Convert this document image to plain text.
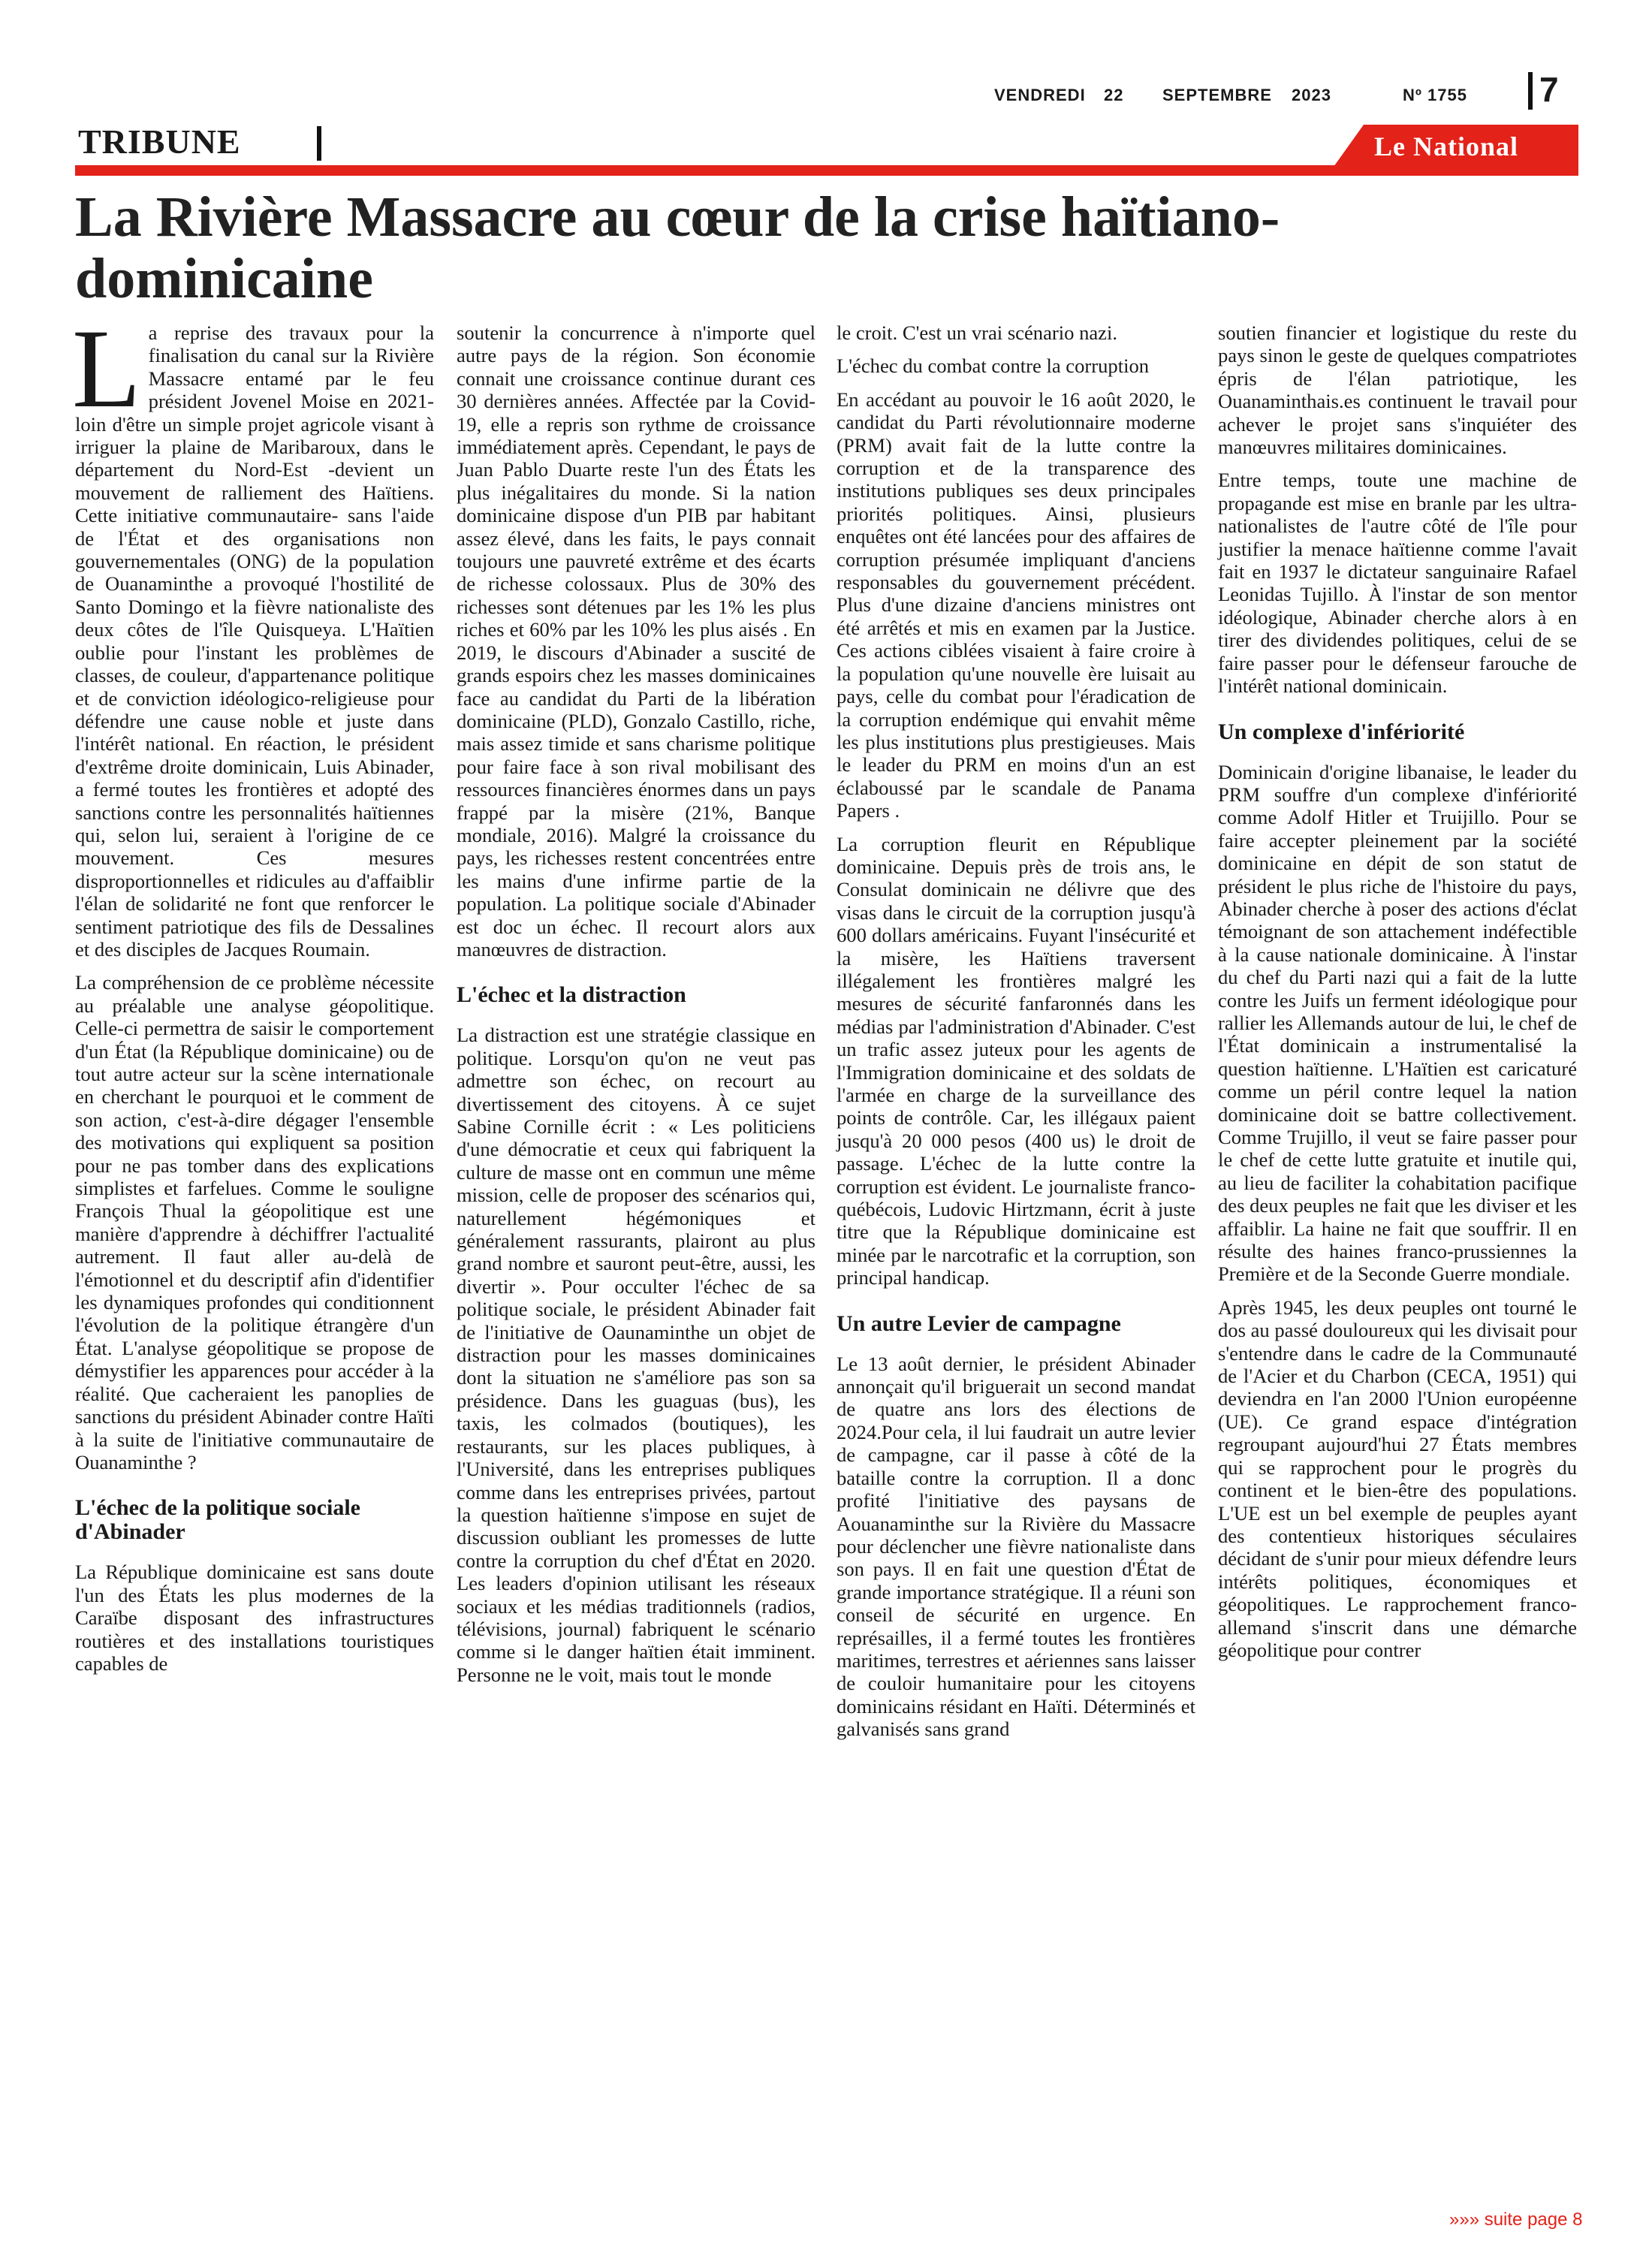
VENDREDI 22 SEPTEMBRE 2023	Nº 1755 7
TRIBUNE	Le National
La Rivière Massacre au cœur de la crise haïtiano-dominicaine

La reprise des travaux pour la finalisation du canal sur la Rivière Massacre entamé par le feu président Jovenel Moise en 2021-loin d'être un simple projet agricole visant à irriguer la plaine de Maribaroux, dans le département du Nord-Est -devient un mouvement de ralliement des Haïtiens. Cette initiative communautaire- sans l'aide de l'État et des organisations non gouvernementales (ONG) de la population de Ouanaminthe a provoqué l'hostilité de Santo Domingo et la fièvre nationaliste des deux côtes de l'île Quisqueya. L'Haïtien oublie pour l'instant les problèmes de classes, de couleur, d'appartenance politique et de conviction idéologico-religieuse pour défendre une cause noble et juste dans l'intérêt national. En réaction, le président d'extrême droite dominicain, Luis Abinader, a fermé toutes les frontières et adopté des sanctions contre les personnalités haïtiennes qui, selon lui, seraient à l'origine de ce mouvement. Ces mesures disproportionnelles et ridicules au d'affaiblir l'élan de solidarité ne font que renforcer le sentiment patriotique des fils de Dessalines et des disciples de Jacques Roumain.

La compréhension de ce problème nécessite au préalable une analyse géopolitique. Celle-ci permettra de saisir le comportement d'un État (la République dominicaine) ou de tout autre acteur sur la scène internationale en cherchant le pourquoi et le comment de son action, c'est-à-dire dégager l'ensemble des motivations qui expliquent sa position pour ne pas tomber dans des explications simplistes et farfelues. Comme le souligne François Thual la géopolitique est une manière d'apprendre à déchiffrer l'actualité autrement. Il faut aller au-delà de l'émotionnel et du descriptif afin d'identifier les dynamiques profondes qui conditionnent l'évolution de la politique étrangère d'un État. L'analyse géopolitique se propose de démystifier les apparences pour accéder à la réalité. Que cacheraient les panoplies de sanctions du président Abinader contre Haïti à la suite de l'initiative communautaire de Ouanaminthe ?

L'échec de la politique sociale d'Abinader

La République dominicaine est sans doute l'un des États les plus modernes de la Caraïbe disposant des infrastructures routières et des installations touristiques capables de

soutenir la concurrence à n'importe quel autre pays de la région. Son économie connait une croissance continue durant ces 30 dernières années. Affectée par la Covid-19, elle a repris son rythme de croissance immédiatement après. Cependant, le pays de Juan Pablo Duarte reste l'un des États les plus inégalitaires du monde. Si la nation dominicaine dispose d'un PIB par habitant assez élevé, dans les faits, le pays connait toujours une pauvreté extrême et des écarts de richesse colossaux. Plus de 30% des richesses sont détenues par les 1% les plus riches et 60% par les 10% les plus aisés . En 2019, le discours d'Abinader a suscité de grands espoirs chez les masses dominicaines face au candidat du Parti de la libération dominicaine (PLD), Gonzalo Castillo, riche, mais assez timide et sans charisme politique pour faire face à son rival mobilisant des ressources financières énormes dans un pays frappé par la misère (21%, Banque mondiale, 2016). Malgré la croissance du pays, les richesses restent concentrées entre les mains d'une infirme partie de la population. La politique sociale d'Abinader est doc un échec. Il recourt alors aux manœuvres de distraction.

L'échec et la distraction

La distraction est une stratégie classique en politique. Lorsqu'on qu'on ne veut pas admettre son échec, on recourt au divertissement des citoyens. À ce sujet Sabine Cornille écrit : « Les politiciens d'une démocratie et ceux qui fabriquent la culture de masse ont en commun une même mission, celle de proposer des scénarios qui, naturellement hégémoniques et généralement rassurants, plairont au plus grand nombre et sauront peut-être, aussi, les divertir ». Pour occulter l'échec de sa politique sociale, le président Abinader fait de l'initiative de Oaunaminthe un objet de distraction pour les masses dominicaines dont la situation ne s'améliore pas son sa présidence. Dans les guaguas (bus), les taxis, les colmados (boutiques), les restaurants, sur les places publiques, à l'Université, dans les entreprises publiques comme dans les entreprises privées, partout la question haïtienne s'impose en sujet de discussion oubliant les promesses de lutte contre la corruption du chef d'État en 2020. Les leaders d'opinion utilisant les réseaux sociaux et les médias traditionnels (radios, télévisions, journal) fabriquent le scénario comme si le danger haïtien était imminent. Personne ne le voit, mais tout le monde

le croit. C'est un vrai scénario nazi.

L'échec du combat contre la corruption

En accédant au pouvoir le 16 août 2020, le candidat du Parti révolutionnaire moderne (PRM) avait fait de la lutte contre la corruption et de la transparence des institutions publiques ses deux principales priorités politiques. Ainsi, plusieurs enquêtes ont été lancées pour des affaires de corruption présumée impliquant d'anciens responsables du gouvernement précédent. Plus d'une dizaine d'anciens ministres ont été arrêtés et mis en examen par la Justice. Ces actions ciblées visaient à faire croire à la population qu'une nouvelle ère luisait au pays, celle du combat pour l'éradication de la corruption endémique qui envahit même les plus institutions plus prestigieuses. Mais le leader du PRM en moins d'un an est éclaboussé par le scandale de Panama Papers .

La corruption fleurit en République dominicaine. Depuis près de trois ans, le Consulat dominicain ne délivre que des visas dans le circuit de la corruption jusqu'à 600 dollars américains. Fuyant l'insécurité et la misère, les Haïtiens traversent illégalement les frontières malgré les mesures de sécurité fanfaronnés dans les médias par l'administration d'Abinader. C'est un trafic assez juteux pour les agents de l'Immigration dominicaine et des soldats de l'armée en charge de la surveillance des points de contrôle. Car, les illégaux paient jusqu'à 20 000 pesos (400 us) le droit de passage. L'échec de la lutte contre la corruption est évident. Le journaliste franco-québécois, Ludovic Hirtzmann, écrit à juste titre que la République dominicaine est minée par le narcotrafic et la corruption, son principal handicap.

Un autre Levier de campagne

Le 13 août dernier, le président Abinader annonçait qu'il briguerait un second mandat de quatre ans lors des élections de 2024.Pour cela, il lui faudrait un autre levier de campagne, car il passe à côté de la bataille contre la corruption. Il a donc profité l'initiative des paysans de Aouanaminthe sur la Rivière du Massacre pour déclencher une fièvre nationaliste dans son pays. Il en fait une question d'État de grande importance stratégique. Il a réuni son conseil de sécurité en urgence. En représailles, il a fermé toutes les frontières maritimes, terrestres et aériennes sans laisser de couloir humanitaire pour les citoyens dominicains résidant en Haïti. Déterminés et galvanisés sans grand

soutien financier et logistique du reste du pays sinon le geste de quelques compatriotes épris de l'élan patriotique, les Ouanaminthais.es continuent le travail pour achever le projet sans s'inquiéter des manœuvres militaires dominicaines.

Entre temps, toute une machine de propagande est mise en branle par les ultra-nationalistes de l'autre côté de l'île pour justifier la menace haïtienne comme l'avait fait en 1937 le dictateur sanguinaire Rafael Leonidas Tujillo. À l'instar de son mentor idéologique, Abinader cherche alors à en tirer des dividendes politiques, celui de se faire passer pour le défenseur farouche de l'intérêt national dominicain.

Un complexe d'infériorité

Dominicain d'origine libanaise, le leader du PRM souffre d'un complexe d'infériorité comme Adolf Hitler et Truijillo. Pour se faire accepter pleinement par la société dominicaine en dépit de son statut de président le plus riche de l'histoire du pays, Abinader cherche à poser des actions d'éclat témoignant de son attachement indéfectible à la cause nationale dominicaine. À l'instar du chef du Parti nazi qui a fait de la lutte contre les Juifs un ferment idéologique pour rallier les Allemands autour de lui, le chef de l'État dominicain a instrumentalisé la question haïtienne. L'Haïtien est caricaturé comme un péril contre lequel la nation dominicaine doit se battre collectivement. Comme Trujillo, il veut se faire passer pour le chef de cette lutte gratuite et inutile qui, au lieu de faciliter la cohabitation pacifique des deux peuples ne fait que les diviser et les affaiblir. La haine ne fait que souffrir. Il en résulte des haines franco-prussiennes la Première et de la Seconde Guerre mondiale.

Après 1945, les deux peuples ont tourné le dos au passé douloureux qui les divisait pour s'entendre dans le cadre de la Communauté de l'Acier et du Charbon (CECA, 1951) qui deviendra en l'an 2000 l'Union européenne (UE). Ce grand espace d'intégration regroupant aujourd'hui 27 États membres qui se rapprochent pour le progrès du continent et le bien-être des populations. L'UE est un bel exemple de peuples ayant des contentieux historiques séculaires décidant de s'unir pour mieux défendre leurs intérêts politiques, économiques et géopolitiques. Le rapprochement franco-allemand s'inscrit dans une démarche géopolitique pour contrer

»»» suite page 8
